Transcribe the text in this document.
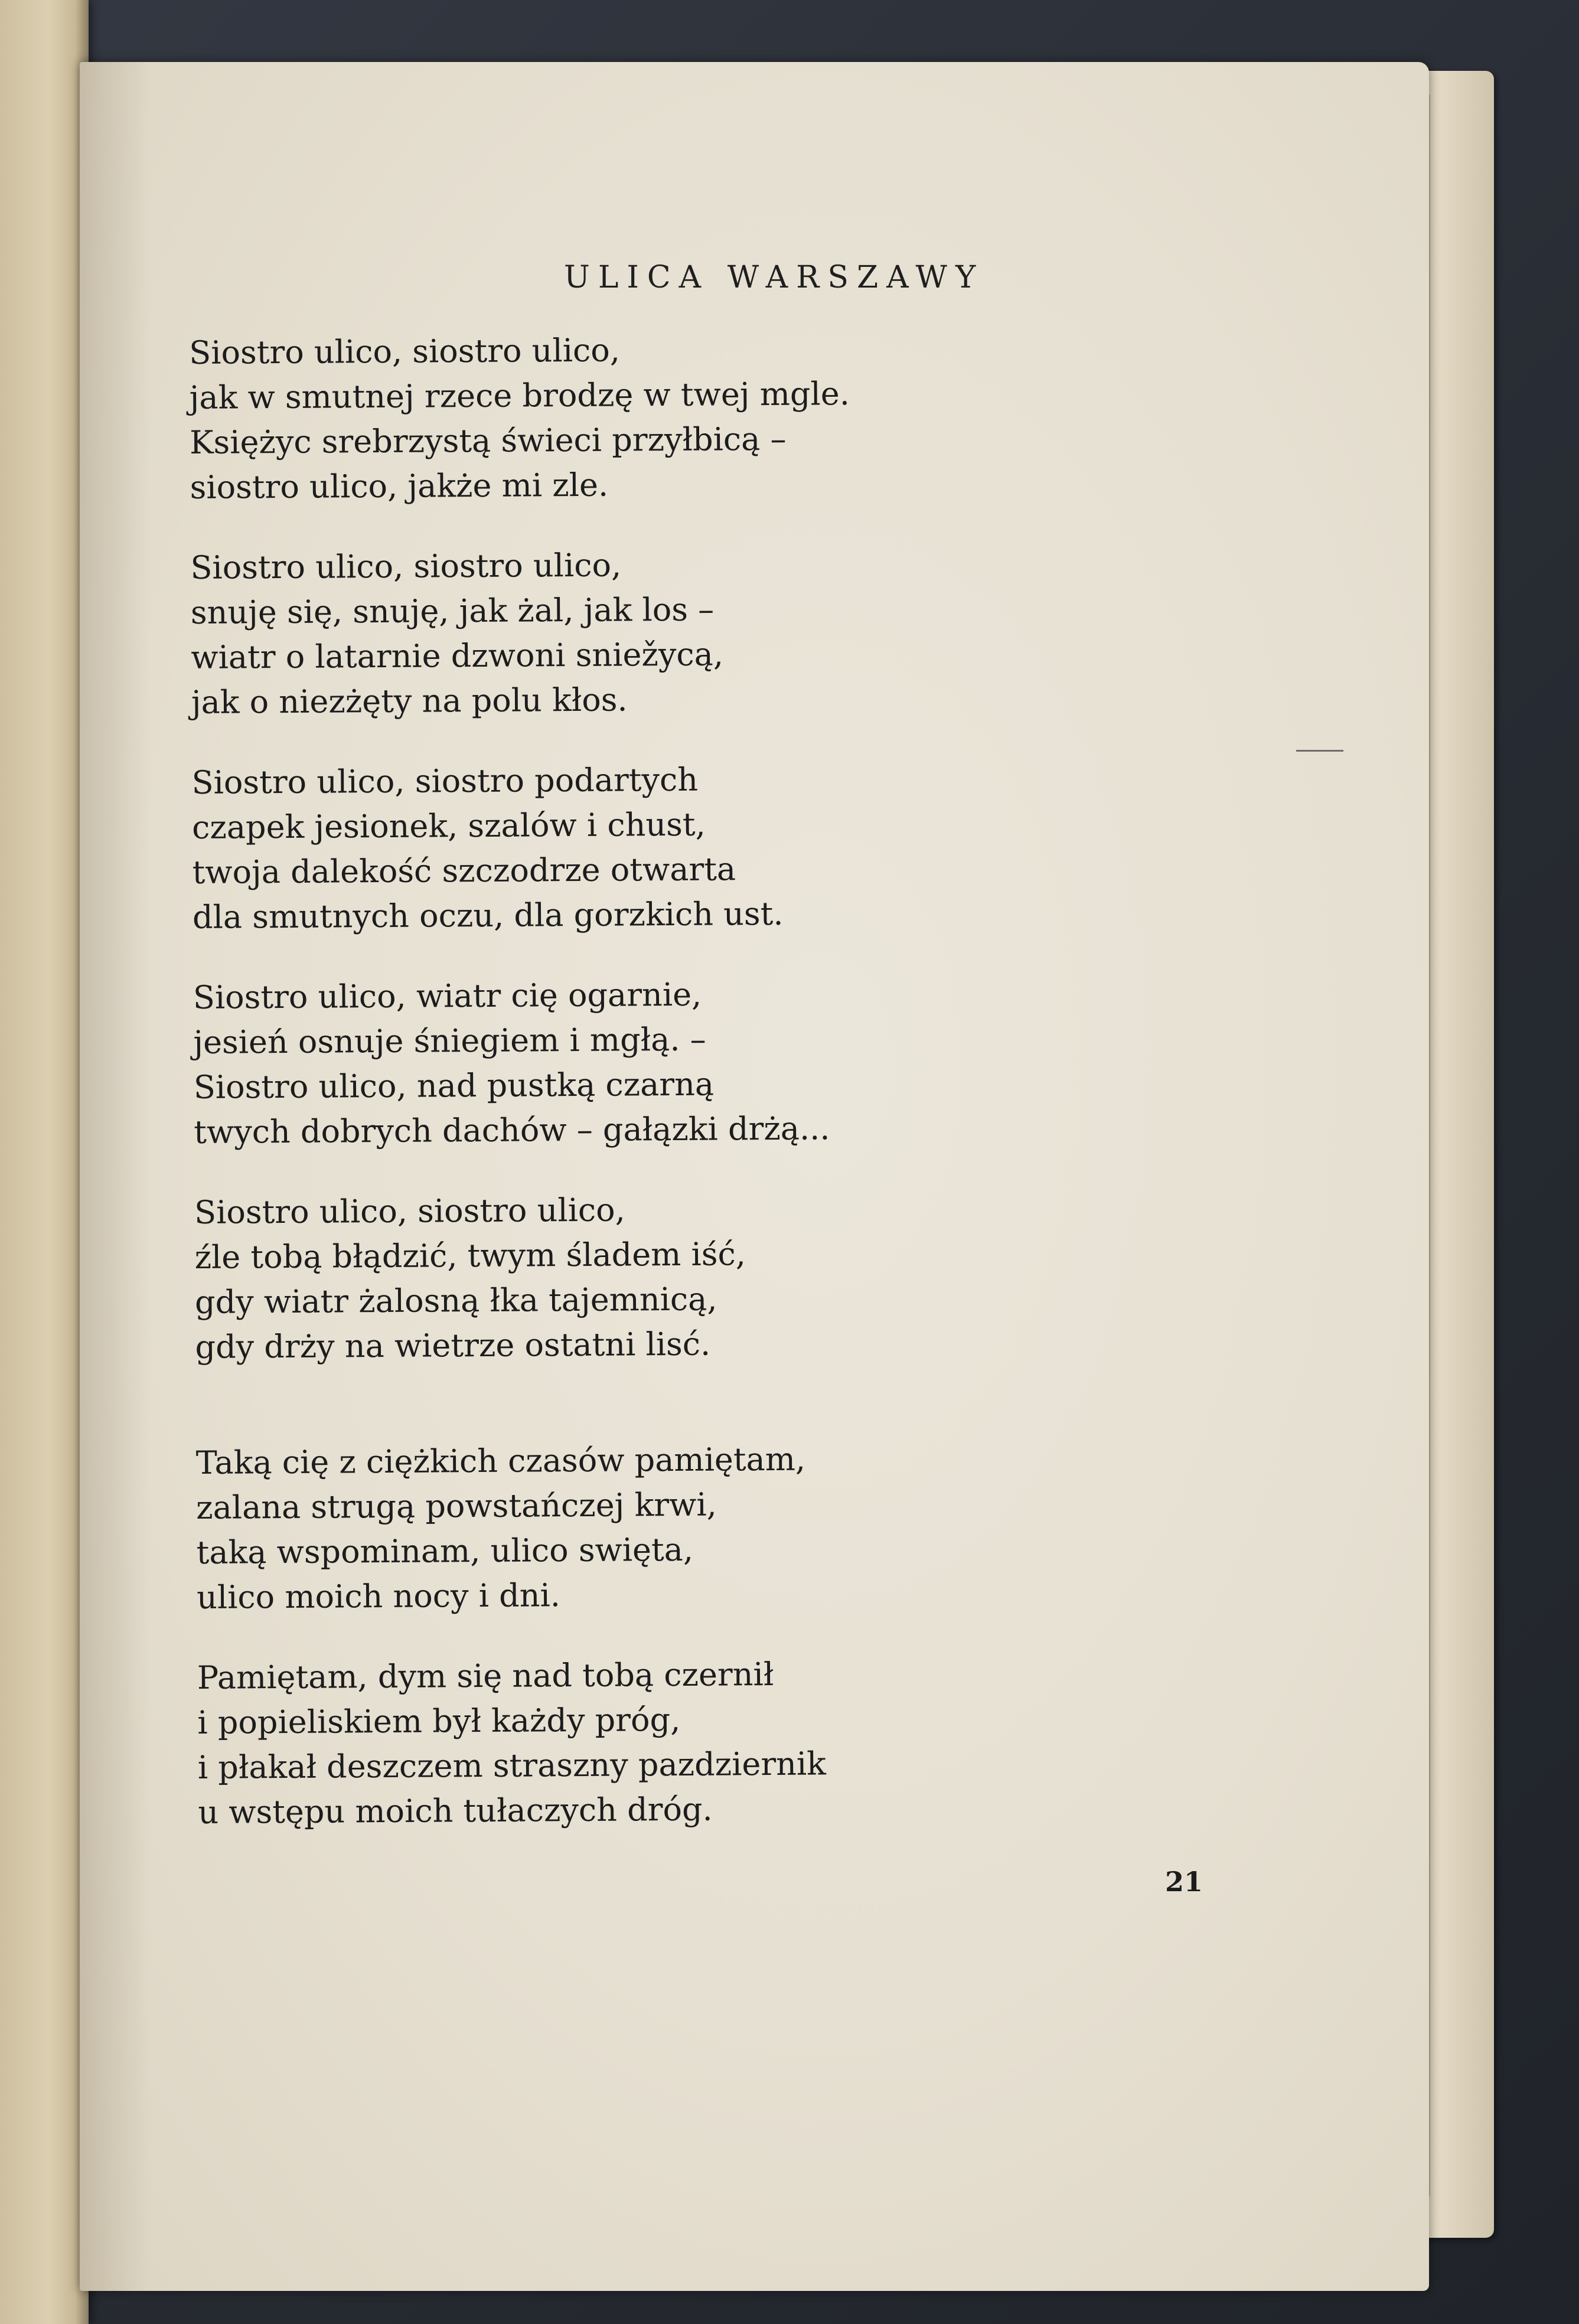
ULICA WARSZAWY
Siostro ulico, siostro ulico,
jak w smutnej rzece brodzę w twej mgle.
Księżyc srebrzystą świeci przyłbicą –
siostro ulico, jakże mi zle.
Siostro ulico, siostro ulico,
snuję się, snuję, jak żal, jak los –
wiatr o latarnie dzwoni sniežycą,
jak o niezżęty na polu kłos.
Siostro ulico, siostro podartych
czapek jesionek, szalów i chust,
twoja dalekość szczodrze otwarta
dla smutnych oczu, dla gorzkich ust.
Siostro ulico, wiatr cię ogarnie,
jesień osnuje śniegiem i mgłą. –
Siostro ulico, nad pustką czarną
twych dobrych dachów – gałązki drżą...
Siostro ulico, siostro ulico,
źle tobą błądzić, twym śladem iść,
gdy wiatr żalosną łka tajemnicą,
gdy drży na wietrze ostatni lisć.
Taką cię z ciężkich czasów pamiętam,
zalana strugą powstańczej krwi,
taką wspominam, ulico swięta,
ulico moich nocy i dni.
Pamiętam, dym się nad tobą czernił
i popieliskiem był każdy próg,
i płakał deszczem straszny pazdziernik
u wstępu moich tułaczych dróg.
21
